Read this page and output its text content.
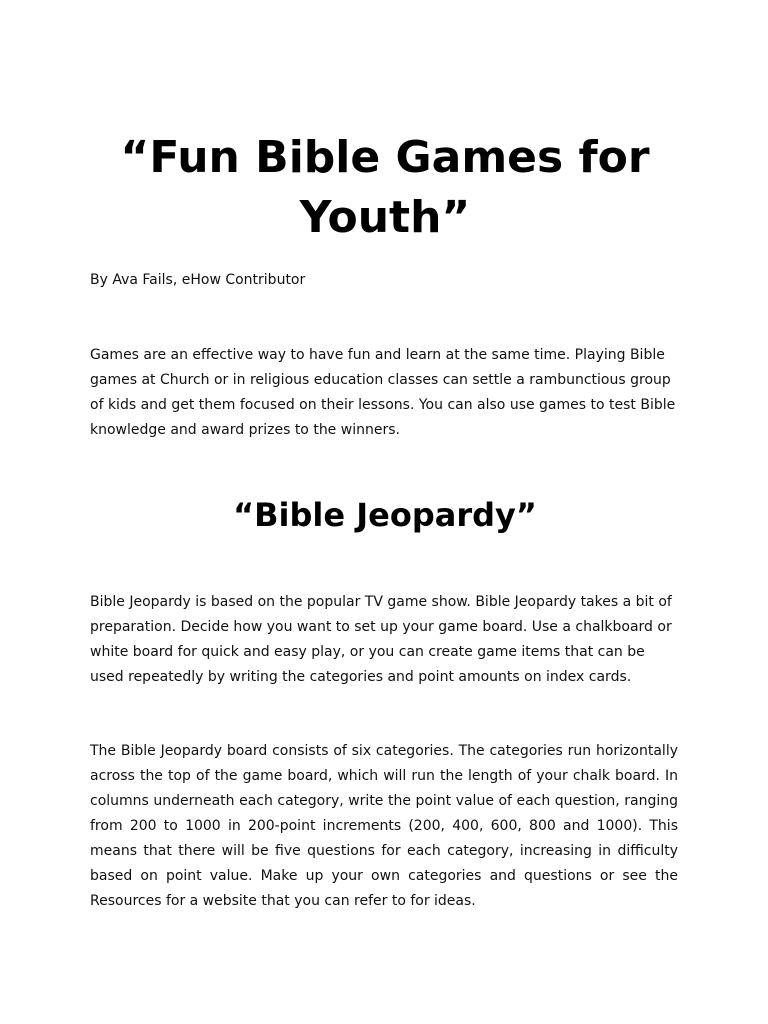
“Fun Bible Games for Youth”

By Ava Fails, eHow Contributor

Games are an effective way to have fun and learn at the same time. Playing Bible games at Church or in religious education classes can settle a rambunctious group of kids and get them focused on their lessons. You can also use games to test Bible knowledge and award prizes to the winners.

“Bible Jeopardy”

Bible Jeopardy is based on the popular TV game show. Bible Jeopardy takes a bit of preparation. Decide how you want to set up your game board. Use a chalkboard or white board for quick and easy play, or you can create game items that can be used repeatedly by writing the categories and point amounts on index cards.

The Bible Jeopardy board consists of six categories. The categories run horizontally across the top of the game board, which will run the length of your chalk board. In columns underneath each category, write the point value of each question, ranging from 200 to 1000 in 200-point increments (200, 400, 600, 800 and 1000). This means that there will be five questions for each category, increasing in difficulty based on point value. Make up your own categories and questions or see the Resources for a website that you can refer to for ideas.
